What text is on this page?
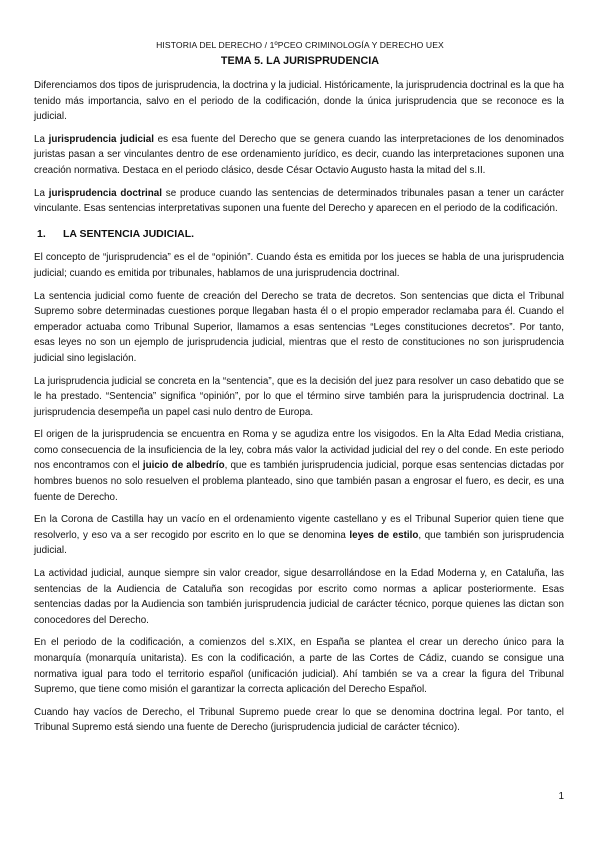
HISTORIA DEL DERECHO / 1ºPCEO CRIMINOLOGÍA Y DERECHO UEX
TEMA 5. LA JURISPRUDENCIA

Diferenciamos dos tipos de jurisprudencia, la doctrina y la judicial. Históricamente, la jurisprudencia doctrinal es la que ha tenido más importancia, salvo en el periodo de la codificación, donde la única jurisprudencia que se reconoce es la judicial.

La jurisprudencia judicial es esa fuente del Derecho que se genera cuando las interpretaciones de los denominados juristas pasan a ser vinculantes dentro de ese ordenamiento jurídico, es decir, cuando las interpretaciones suponen una creación normativa. Destaca en el periodo clásico, desde César Octavio Augusto hasta la mitad del s.II.

La jurisprudencia doctrinal se produce cuando las sentencias de determinados tribunales pasan a tener un carácter vinculante. Esas sentencias interpretativas suponen una fuente del Derecho y aparecen en el periodo de la codificación.

1. LA SENTENCIA JUDICIAL.

El concepto de “jurisprudencia” es el de “opinión”. Cuando ésta es emitida por los jueces se habla de una jurisprudencia judicial; cuando es emitida por tribunales, hablamos de una jurisprudencia doctrinal.

La sentencia judicial como fuente de creación del Derecho se trata de decretos. Son sentencias que dicta el Tribunal Supremo sobre determinadas cuestiones porque llegaban hasta él o el propio emperador reclamaba para él. Cuando el emperador actuaba como Tribunal Superior, llamamos a esas sentencias “Leges constituciones decretos”. Por tanto, esas leyes no son un ejemplo de jurisprudencia judicial, mientras que el resto de constituciones no son jurisprudencia judicial sino legislación.

La jurisprudencia judicial se concreta en la “sentencia”, que es la decisión del juez para resolver un caso debatido que se le ha prestado. “Sentencia” significa “opinión”, por lo que el término sirve también para la jurisprudencia doctrinal. La jurisprudencia desempeña un papel casi nulo dentro de Europa.

El origen de la jurisprudencia se encuentra en Roma y se agudiza entre los visigodos. En la Alta Edad Media cristiana, como consecuencia de la insuficiencia de la ley, cobra más valor la actividad judicial del rey o del conde. En este periodo nos encontramos con el juicio de albedrío, que es también jurisprudencia judicial, porque esas sentencias dictadas por hombres buenos no solo resuelven el problema planteado, sino que también pasan a engrosar el fuero, es decir, es una fuente de Derecho.

En la Corona de Castilla hay un vacío en el ordenamiento vigente castellano y es el Tribunal Superior quien tiene que resolverlo, y eso va a ser recogido por escrito en lo que se denomina leyes de estilo, que también son jurisprudencia judicial.

La actividad judicial, aunque siempre sin valor creador, sigue desarrollándose en la Edad Moderna y, en Cataluña, las sentencias de la Audiencia de Cataluña son recogidas por escrito como normas a aplicar posteriormente. Esas sentencias dadas por la Audiencia son también jurisprudencia judicial de carácter técnico, porque quienes las dictan son conocedores del Derecho.

En el periodo de la codificación, a comienzos del s.XIX, en España se plantea el crear un derecho único para la monarquía (monarquía unitarista). Es con la codificación, a parte de las Cortes de Cádiz, cuando se consigue una normativa igual para todo el territorio español (unificación judicial). Ahí también se va a crear la figura del Tribunal Supremo, que tiene como misión el garantizar la correcta aplicación del Derecho Español.

Cuando hay vacíos de Derecho, el Tribunal Supremo puede crear lo que se denomina doctrina legal. Por tanto, el Tribunal Supremo está siendo una fuente de Derecho (jurisprudencia judicial de carácter técnico).

1
